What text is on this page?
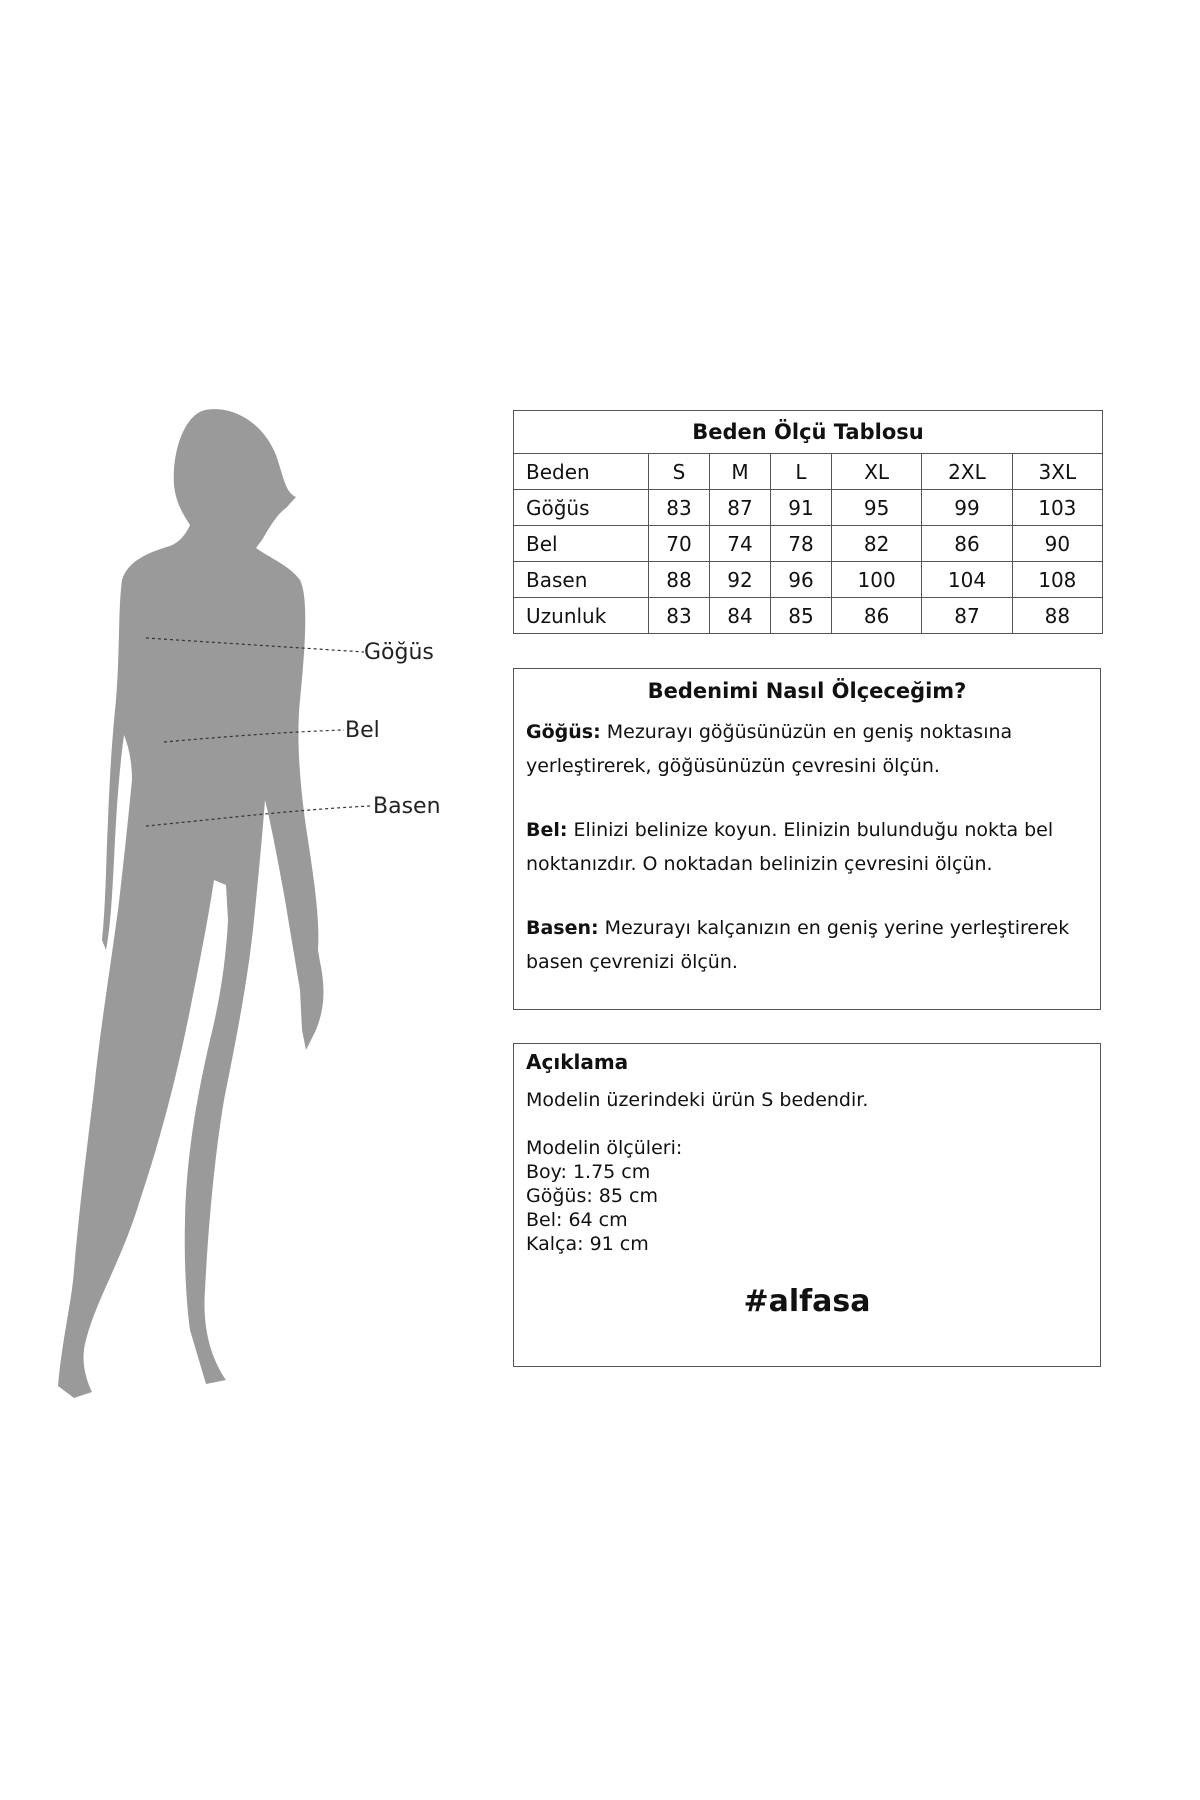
Göğüs
Bel
Basen
Beden Ölçü Tablosu						
Beden	S	M	L	XL	2XL	3XL
Göğüs	83	87	91	95	99	103
Bel	70	74	78	82	86	90
Basen	88	92	96	100	104	108
Uzunluk	83	84	85	86	87	88
Bedenimi Nasıl Ölçeceğim?

Göğüs: Mezurayı göğüsünüzün en geniş noktasına yerleştirerek, göğüsünüzün çevresini ölçün.

Bel: Elinizi belinize koyun. Elinizin bulunduğu nokta bel noktanızdır. O noktadan belinizin çevresini ölçün.

Basen: Mezurayı kalçanızın en geniş yerine yerleştirerek basen çevrenizi ölçün.

Açıklama
Modelin üzerindeki ürün S bedendir.
Modelin ölçüleri:
Boy: 1.75 cm
Göğüs: 85 cm
Bel: 64 cm
Kalça: 91 cm
#alfasa
